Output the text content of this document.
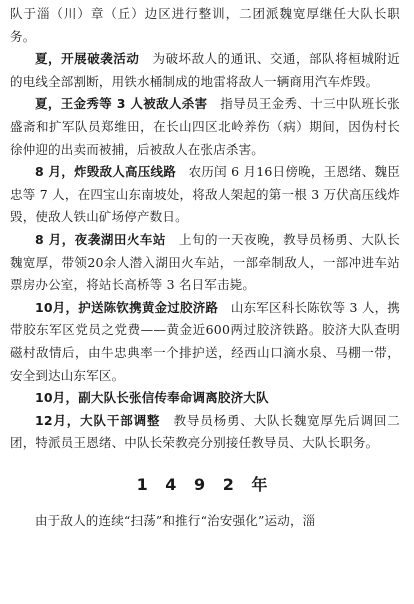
队于淄（川）章（丘）边区进行整训，二团派魏宽厚继任大队长职务。

夏，开展破袭活动　为破坏敌人的通讯、交通，部队将桓城附近的电线全部割断，用铁水桶制成的地雷将敌人一辆商用汽车炸毁。

夏，王金秀等 3 人被敌人杀害　指导员王金秀、十三中队班长张盛斋和扩军队员郑维田，在长山四区北岭养伤（病）期间，因伪村长徐仲迎的出卖而被捕，后被敌人在张店杀害。

8 月，炸毁敌人高压线路　农历闰 6 月16日傍晚，王恩绪、魏臣忠等 7 人，在四宝山东南坡处，将敌人架起的第一根 3 万伏高压线炸毁，使敌人铁山矿场停产数日。

8 月，夜袭湖田火车站　上旬的一天夜晚，教导员杨勇、大队长魏宽厚，带领20余人潜入湖田火车站，一部牵制敌人，一部冲进车站票房办公室，将站长高桥等 3 名日军击毙。

10月，护送陈钦携黄金过胶济路　山东军区科长陈钦等 3 人，携带胶东军区党员之党费——黄金近600两过胶济铁路。胶济大队查明磁村敌情后，由牛忠典率一个排护送，经西山口滴水泉、马棚一带，安全到达山东军区。

10月，副大队长张信传奉命调离胶济大队

12月，大队干部调整　教导员杨勇、大队长魏宽厚先后调回二团，特派员王恩绪、中队长荣教亮分别接任教导员、大队长职务。

1 4 9 2 年

由于敌人的连续“扫荡”和推行“治安强化”运动，淄
